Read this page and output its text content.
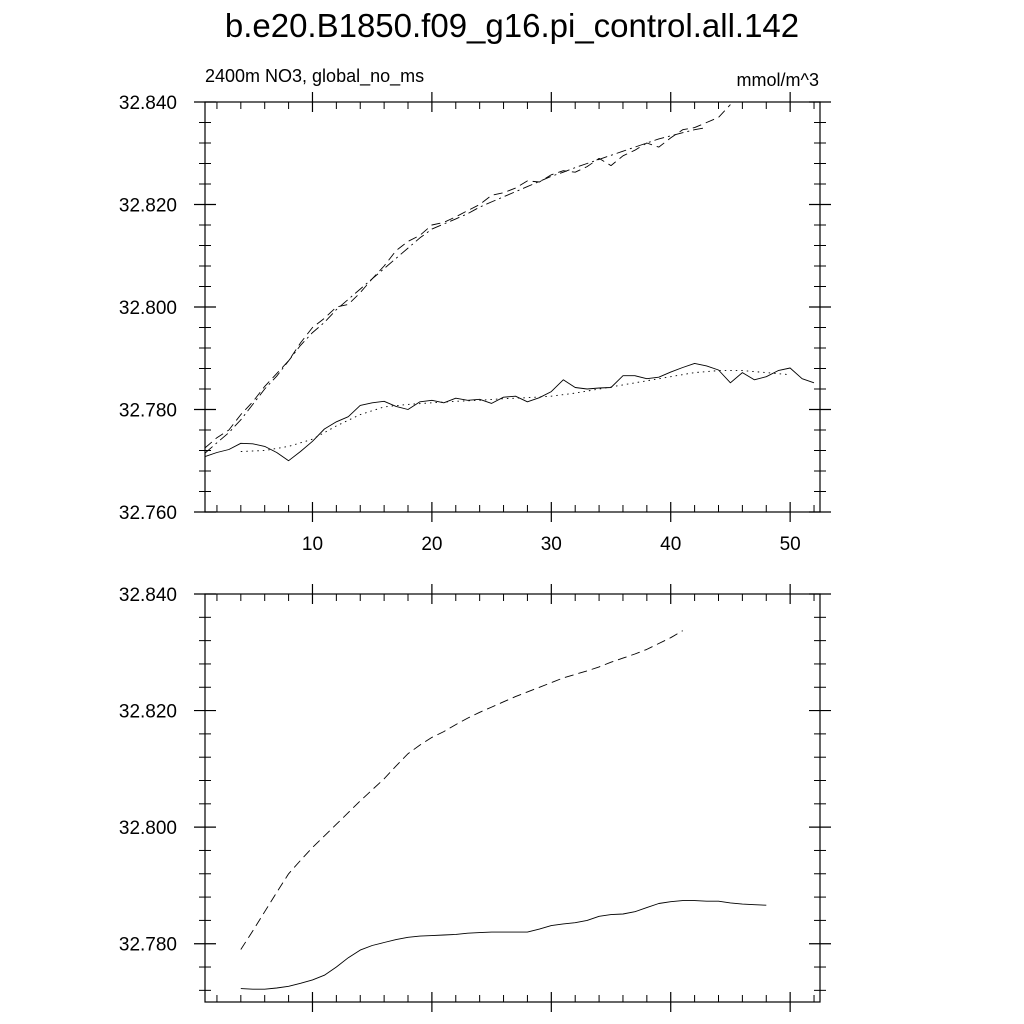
b.e20.B1850.f09_g16.pi_control.all.142
2400m NO3, global_no_ms	mmol/m^3
10	20	30	40	50
32.760
32.780
32.800
32.820
32.840
32.780
32.800
32.820
32.840
